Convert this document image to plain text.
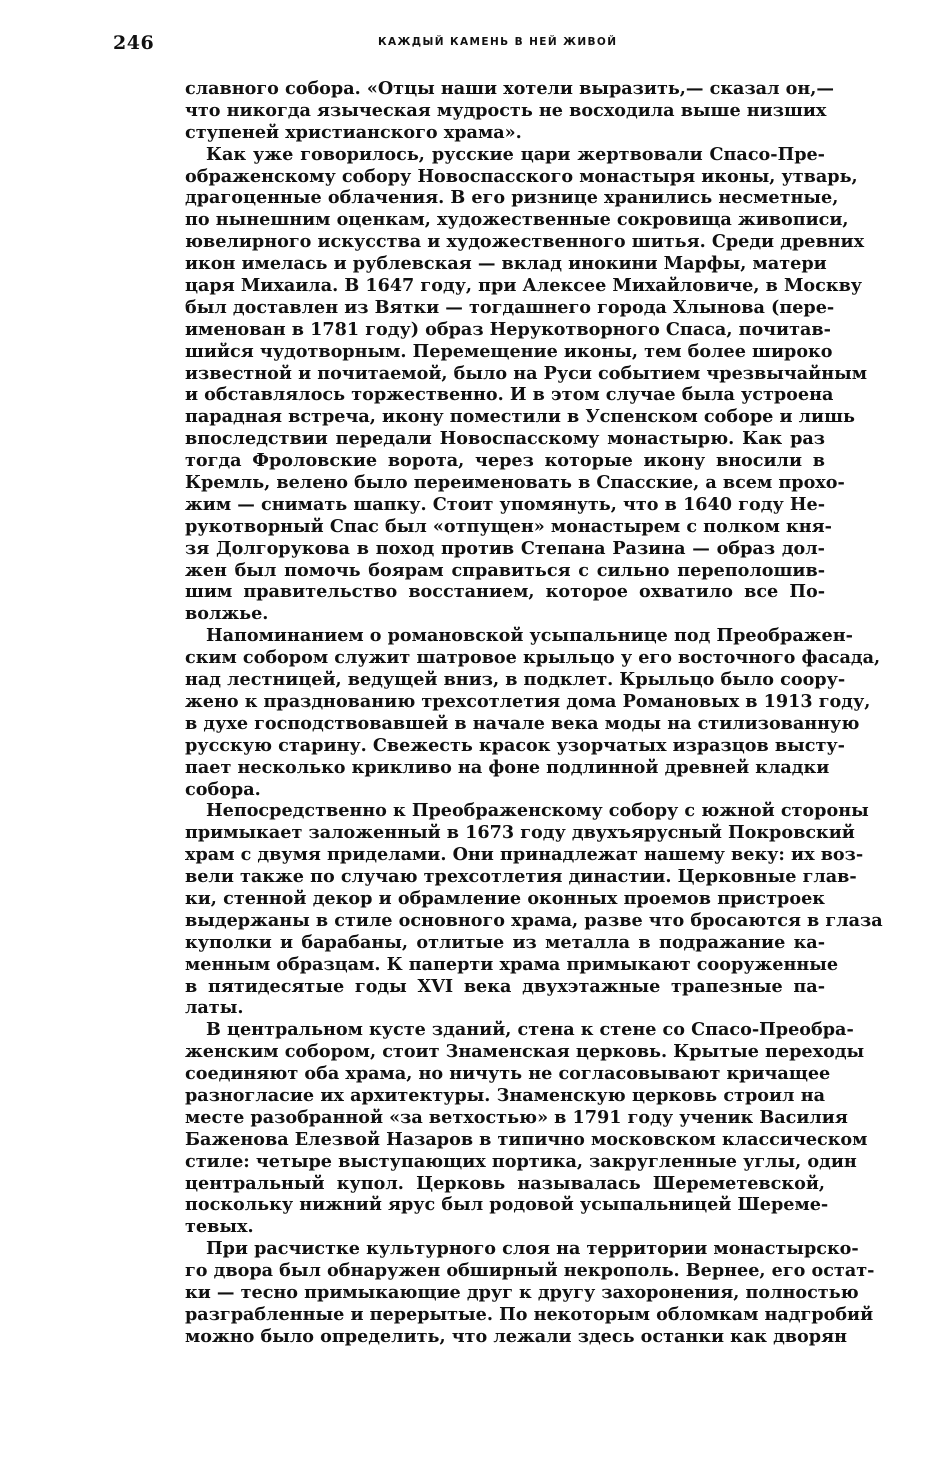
246	КАЖДЫЙ КАМЕНЬ В НЕЙ ЖИВОЙ
славного собора. «Отцы наши хотели выразить,— сказал он,—
что никогда языческая мудрость не восходила выше низших
ступеней христианского храма».
Как уже говорилось, русские цари жертвовали Спасо-Пре-
ображенскому собору Новоспасского монастыря иконы, утварь,
драгоценные облачения. В его ризнице хранились несметные,
по нынешним оценкам, художественные сокровища живописи,
ювелирного искусства и художественного шитья. Среди древних
икон имелась и рублевская — вклад инокини Марфы, матери
царя Михаила. В 1647 году, при Алексее Михайловиче, в Москву
был доставлен из Вятки — тогдашнего города Хлынова (пере-
именован в 1781 году) образ Нерукотворного Спаса, почитав-
шийся чудотворным. Перемещение иконы, тем более широко
известной и почитаемой, было на Руси событием чрезвычайным
и обставлялось торжественно. И в этом случае была устроена
парадная встреча, икону поместили в Успенском соборе и лишь
впоследствии передали Новоспасскому монастырю. Как раз
тогда Фроловские ворота, через которые икону вносили в
Кремль, велено было переименовать в Спасские, а всем прохо-
жим — снимать шапку. Стоит упомянуть, что в 1640 году Не-
рукотворный Спас был «отпущен» монастырем с полком кня-
зя Долгорукова в поход против Степана Разина — образ дол-
жен был помочь боярам справиться с сильно переполошив-
шим правительство восстанием, которое охватило все По-
волжье.
Напоминанием о романовской усыпальнице под Преображен-
ским собором служит шатровое крыльцо у его восточного фасада,
над лестницей, ведущей вниз, в подклет. Крыльцо было соору-
жено к празднованию трехсотлетия дома Романовых в 1913 году,
в духе господствовавшей в начале века моды на стилизованную
русскую старину. Свежесть красок узорчатых изразцов высту-
пает несколько крикливо на фоне подлинной древней кладки
собора.
Непосредственно к Преображенскому собору с южной стороны
примыкает заложенный в 1673 году двухъярусный Покровский
храм с двумя приделами. Они принадлежат нашему веку: их воз-
вели также по случаю трехсотлетия династии. Церковные глав-
ки, стенной декор и обрамление оконных проемов пристроек
выдержаны в стиле основного храма, разве что бросаются в глаза
куполки и барабаны, отлитые из металла в подражание ка-
менным образцам. К паперти храма примыкают сооруженные
в пятидесятые годы XVI века двухэтажные трапезные па-
латы.
В центральном кусте зданий, стена к стене со Спасо-Преобра-
женским собором, стоит Знаменская церковь. Крытые переходы
соединяют оба храма, но ничуть не согласовывают кричащее
разногласие их архитектуры. Знаменскую церковь строил на
месте разобранной «за ветхостью» в 1791 году ученик Василия
Баженова Елезвой Назаров в типично московском классическом
стиле: четыре выступающих портика, закругленные углы, один
центральный купол. Церковь называлась Шереметевской,
поскольку нижний ярус был родовой усыпальницей Шереме-
тевых.
При расчистке культурного слоя на территории монастырско-
го двора был обнаружен обширный некрополь. Вернее, его остат-
ки — тесно примыкающие друг к другу захоронения, полностью
разграбленные и перерытые. По некоторым обломкам надгробий
можно было определить, что лежали здесь останки как дворян
